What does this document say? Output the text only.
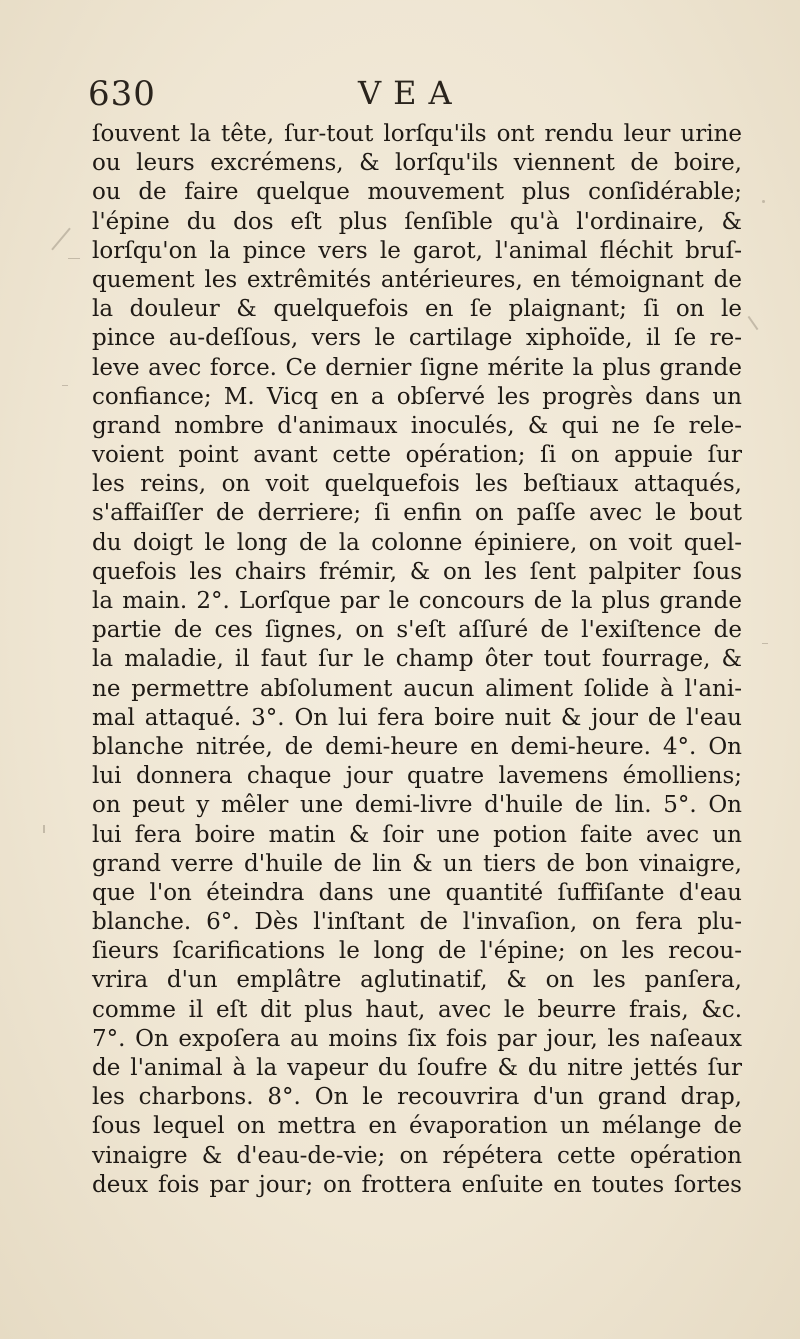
630	VEA
ſouvent la tête, ſur-tout lorſqu'ils ont rendu leur urine
ou leurs excrémens, & lorſqu'ils viennent de boire,
ou de faire quelque mouvement plus conſidérable;
l'épine du dos eſt plus ſenſible qu'à l'ordinaire, &
lorſqu'on la pince vers le garot, l'animal fléchit bruſ-
quement les extrêmités antérieures, en témoignant de
la douleur & quelquefois en ſe plaignant; ſi on le
pince au-deſſous, vers le cartilage xiphoïde, il ſe re-
leve avec force. Ce dernier ſigne mérite la plus grande
confiance; M. Vicq en a obſervé les progrès dans un
grand nombre d'animaux inoculés, & qui ne ſe rele-
voient point avant cette opération; ſi on appuie ſur
les reins, on voit quelquefois les beſtiaux attaqués,
s'affaiſſer de derriere; ſi enfin on paſſe avec le bout
du doigt le long de la colonne épiniere, on voit quel-
quefois les chairs frémir, & on les ſent palpiter ſous
la main. 2°. Lorſque par le concours de la plus grande
partie de ces ſignes, on s'eſt aſſuré de l'exiſtence de
la maladie, il faut ſur le champ ôter tout fourrage, &
ne permettre abſolument aucun aliment ſolide à l'ani-
mal attaqué. 3°. On lui fera boire nuit & jour de l'eau
blanche nitrée, de demi-heure en demi-heure. 4°. On
lui donnera chaque jour quatre lavemens émolliens;
on peut y mêler une demi-livre d'huile de lin. 5°. On
lui fera boire matin & ſoir une potion faite avec un
grand verre d'huile de lin & un tiers de bon vinaigre,
que l'on éteindra dans une quantité ſuffiſante d'eau
blanche. 6°. Dès l'inſtant de l'invaſion, on fera plu-
ſieurs ſcarifications le long de l'épine; on les recou-
vrira d'un emplâtre aglutinatif, & on les panſera,
comme il eſt dit plus haut, avec le beurre frais, &c.
7°. On expoſera au moins ſix fois par jour, les naſeaux
de l'animal à la vapeur du ſoufre & du nitre jettés ſur
les charbons. 8°. On le recouvrira d'un grand drap,
ſous lequel on mettra en évaporation un mélange de
vinaigre & d'eau-de-vie; on répétera cette opération
deux fois par jour; on frottera enſuite en toutes ſortes
